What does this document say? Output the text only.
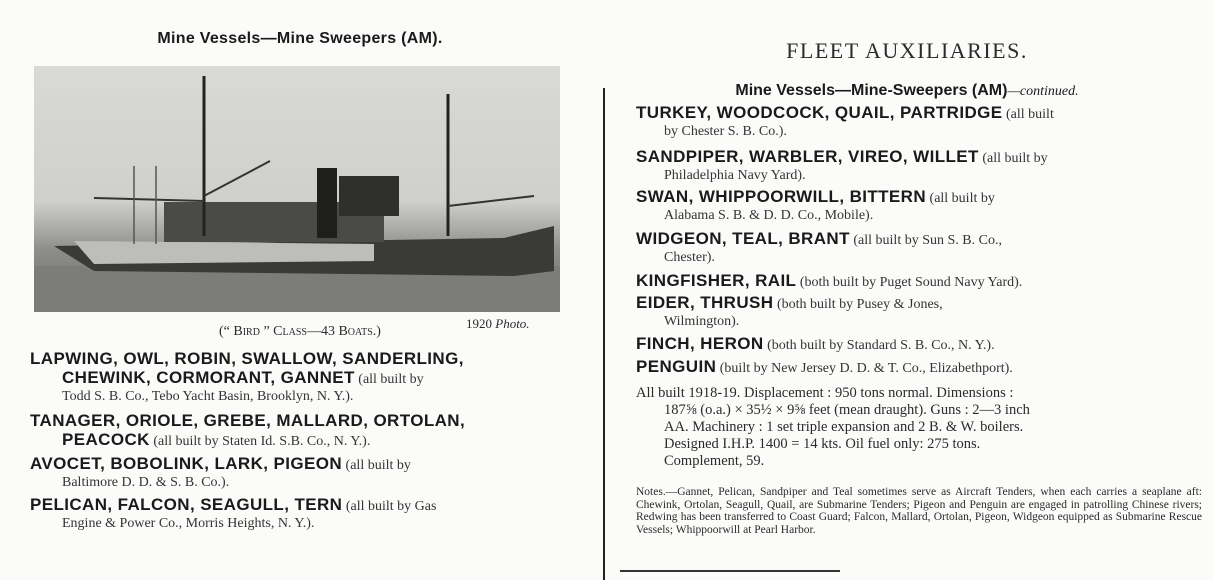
Mine Vessels—Mine Sweepers (AM).
1920 Photo.
(“ Bird ” Class—43 Boats.)
LAPWING, OWL, ROBIN, SWALLOW, SANDERLING,

CHEWINK, CORMORANT, GANNET (all built by
Todd S. B. Co., Tebo Yacht Basin, Brooklyn, N. Y.).
TANAGER, ORIOLE, GREBE, MALLARD, ORTOLAN,

PEACOCK (all built by Staten Id. S.B. Co., N. Y.).
AVOCET, BOBOLINK, LARK, PIGEON (all built by

Baltimore D. D. & S. B. Co.).
PELICAN, FALCON, SEAGULL, TERN (all built by Gas

Engine & Power Co., Morris Heights, N. Y.).
FLEET AUXILIARIES.
Mine Vessels—Mine-Sweepers (AM)—continued.
TURKEY, WOODCOCK, QUAIL, PARTRIDGE (all built

by Chester S. B. Co.).
SANDPIPER, WARBLER, VIREO, WILLET (all built by

Philadelphia Navy Yard).
SWAN, WHIPPOORWILL, BITTERN (all built by

Alabama S. B. & D. D. Co., Mobile).
WIDGEON, TEAL, BRANT (all built by Sun S. B. Co.,

Chester).
KINGFISHER, RAIL (both built by Puget Sound Navy Yard).
EIDER, THRUSH (both built by Pusey & Jones,

Wilmington).
FINCH, HERON (both built by Standard S. B. Co., N. Y.).
PENGUIN (built by New Jersey D. D. & T. Co., Elizabethport).
All built 1918-19. Displacement : 950 tons normal. Dimensions :
187⅝ (o.a.) × 35½ × 9⅝ feet (mean draught). Guns : 2—3 inch
AA. Machinery : 1 set triple expansion and 2 B. & W. boilers.
Designed I.H.P. 1400 = 14 kts. Oil fuel only: 275 tons.
Complement, 59.
Notes.—Gannet, Pelican, Sandpiper and Teal sometimes serve as Aircraft Tenders, when each carries a seaplane aft: Chewink, Ortolan, Seagull, Quail, are Submarine Tenders; Pigeon and Penguin are engaged in patrolling Chinese rivers; Redwing has been transferred to Coast Guard; Falcon, Mallard, Ortolan, Pigeon, Widgeon equipped as Submarine Rescue Vessels; Whippoorwill at Pearl Harbor.
